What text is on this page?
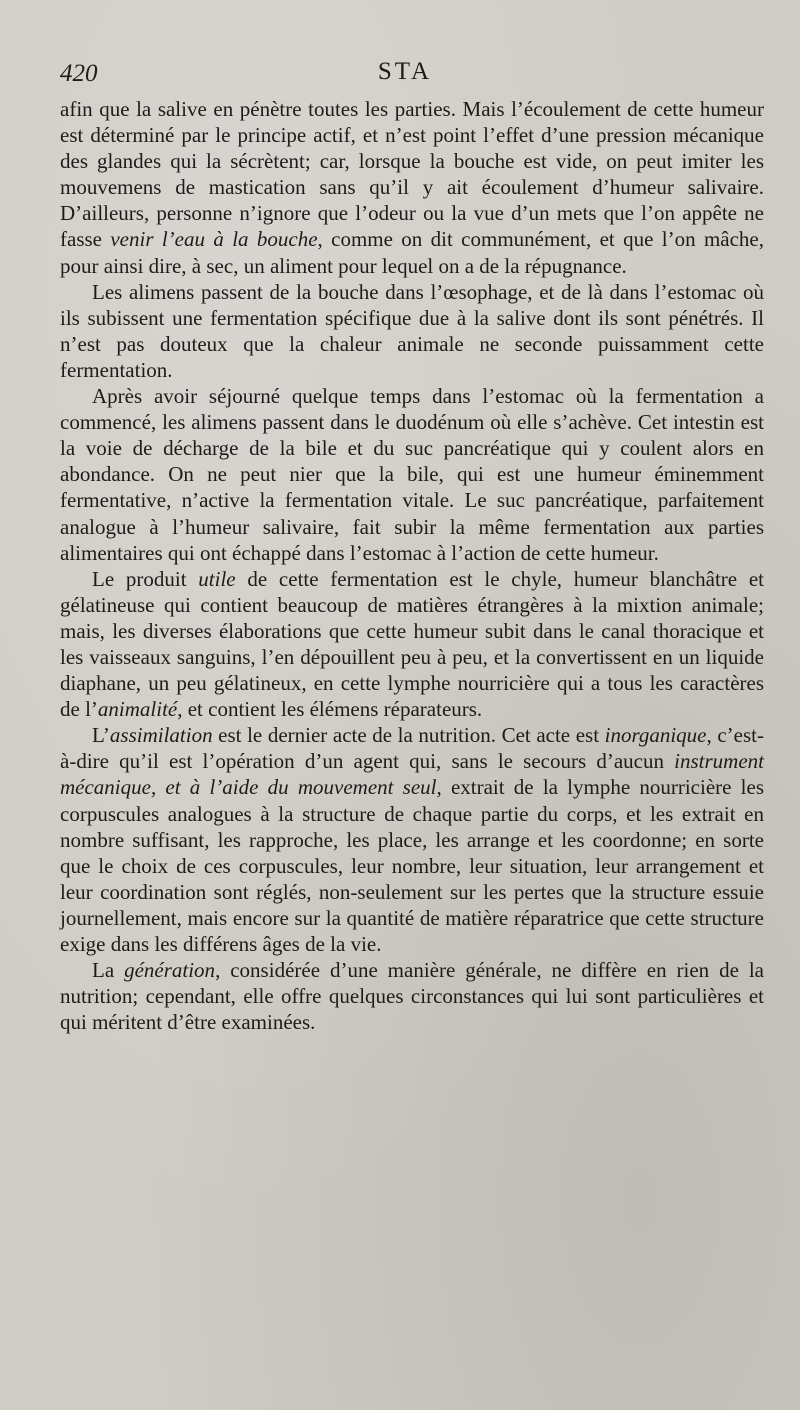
420	STA

afin que la salive en pénètre toutes les parties. Mais l’écoulement de cette humeur est déterminé par le principe actif, et n’est point l’effet d’une pression mécanique des glandes qui la sécrètent; car, lorsque la bouche est vide, on peut imiter les mouvemens de mastication sans qu’il y ait écoulement d’humeur salivaire. D’ailleurs, personne n’ignore que l’odeur ou la vue d’un mets que l’on appête ne fasse venir l’eau à la bouche, comme on dit communément, et que l’on mâche, pour ainsi dire, à sec, un aliment pour lequel on a de la répugnance.

Les alimens passent de la bouche dans l’œsophage, et de là dans l’estomac où ils subissent une fermentation spécifique due à la salive dont ils sont pénétrés. Il n’est pas douteux que la chaleur animale ne seconde puissamment cette fermentation.

Après avoir séjourné quelque temps dans l’estomac où la fermentation a commencé, les alimens passent dans le duodénum où elle s’achève. Cet intestin est la voie de décharge de la bile et du suc pancréatique qui y coulent alors en abondance. On ne peut nier que la bile, qui est une humeur éminemment fermentative, n’active la fermentation vitale. Le suc pancréatique, parfaitement analogue à l’humeur salivaire, fait subir la même fermentation aux parties alimentaires qui ont échappé dans l’estomac à l’action de cette humeur.

Le produit utile de cette fermentation est le chyle, humeur blanchâtre et gélatineuse qui contient beaucoup de matières étrangères à la mixtion animale; mais, les diverses élaborations que cette humeur subit dans le canal thoracique et les vaisseaux sanguins, l’en dépouillent peu à peu, et la convertissent en un liquide diaphane, un peu gélatineux, en cette lymphe nourricière qui a tous les caractères de l’animalité, et contient les élémens réparateurs.

L’assimilation est le dernier acte de la nutrition. Cet acte est inorganique, c’est-à-dire qu’il est l’opération d’un agent qui, sans le secours d’aucun instrument mécanique, et à l’aide du mouvement seul, extrait de la lymphe nourricière les corpuscules analogues à la structure de chaque partie du corps, et les extrait en nombre suffisant, les rapproche, les place, les arrange et les coordonne; en sorte que le choix de ces corpuscules, leur nombre, leur situation, leur arrangement et leur coordination sont réglés, non-seulement sur les pertes que la structure essuie journellement, mais encore sur la quantité de matière réparatrice que cette structure exige dans les différens âges de la vie.

La génération, considérée d’une manière générale, ne diffère en rien de la nutrition; cependant, elle offre quelques circonstances qui lui sont particulières et qui méritent d’être examinées.
